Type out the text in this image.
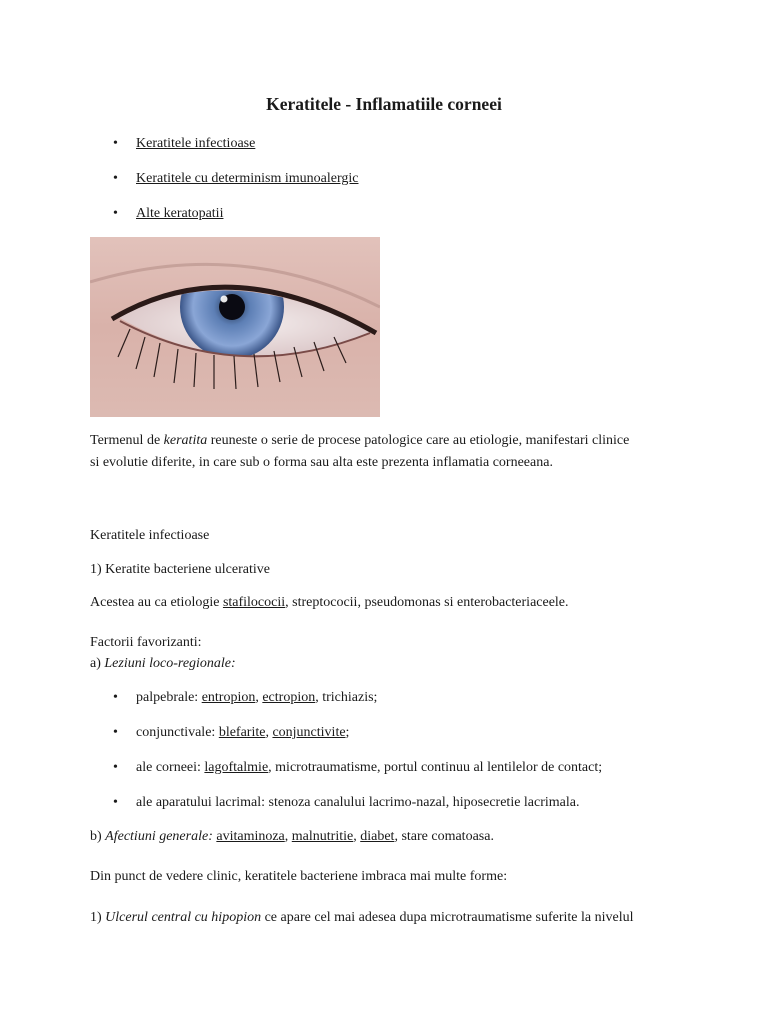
Keratitele - Inflamatiile corneei
• Keratitele infectioase
• Keratitele cu determinism imunoalergic
• Alte keratopatii
Termenul de keratita reuneste o serie de procese patologice care au etiologie, manifestari clinice
si evolutie diferite, in care sub o forma sau alta este prezenta inflamatia corneeana.
Keratitele infectioase
1) Keratite bacteriene ulcerative
Acestea au ca etiologie stafilococii, streptococii, pseudomonas si enterobacteriaceele.
Factorii favorizanti:
a) Leziuni loco-regionale:
• palpebrale: entropion, ectropion, trichiazis;
• conjunctivale: blefarite, conjunctivite;
• ale corneei: lagoftalmie, microtraumatisme, portul continuu al lentilelor de contact;
• ale aparatului lacrimal: stenoza canalului lacrimo-nazal, hiposecretie lacrimala.
b) Afectiuni generale: avitaminoza, malnutritie, diabet, stare comatoasa.
Din punct de vedere clinic, keratitele bacteriene imbraca mai multe forme:
1) Ulcerul central cu hipopion ce apare cel mai adesea dupa microtraumatisme suferite la nivelul
